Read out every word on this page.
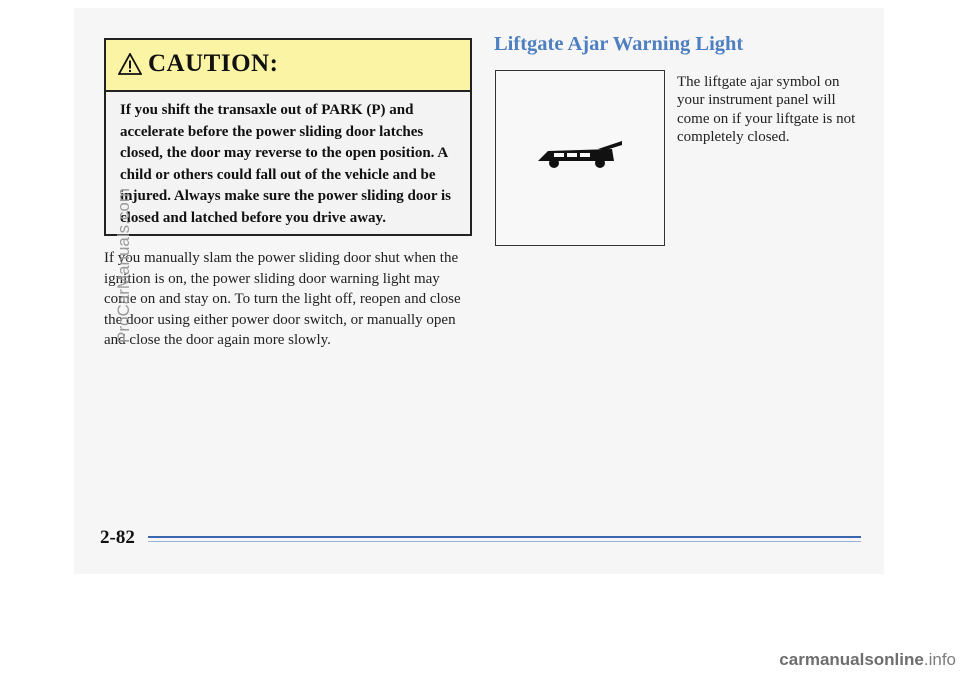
CAUTION:
If you shift the transaxle out of PARK (P) and accelerate before the power sliding door latches closed, the door may reverse to the open position. A child or others could fall out of the vehicle and be injured. Always make sure the power sliding door is closed and latched before you drive away.
If you manually slam the power sliding door shut when the ignition is on, the power sliding door warning light may come on and stay on. To turn the light off, reopen and close the door using either power door switch, or manually open and close the door again more slowly.
Liftgate Ajar Warning Light
The liftgate ajar symbol on your instrument panel will come on if your liftgate is not completely closed.
2-82
ProCarManuals.com
carmanualsonline.info
